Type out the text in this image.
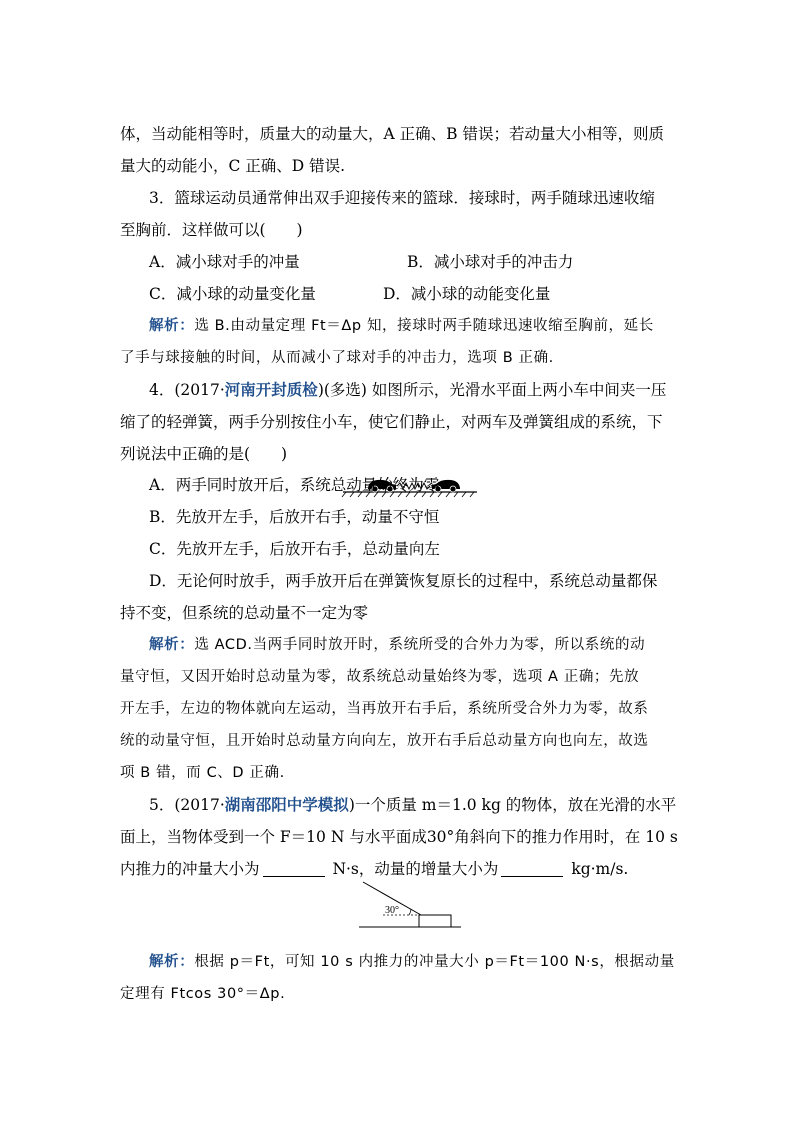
体，当动能相等时，质量大的动量大，A 正确、B 错误；若动量大小相等，则质
量大的动能小，C 正确、D 错误.
3．篮球运动员通常伸出双手迎接传来的篮球．接球时，两手随球迅速收缩
至胸前．这样做可以(　　)
A．减小球对手的冲量	B．减小球对手的冲击力
C．减小球的动量变化量	D．减小球的动能变化量
解析：选 B.由动量定理 Ft＝Δp 知，接球时两手随球迅速收缩至胸前，延长
了手与球接触的时间，从而减小了球对手的冲击力，选项 B 正确.
4．(2017·河南开封质检)(多选) 如图所示，光滑水平面上两小车中间夹一压
缩了的轻弹簧，两手分别按住小车，使它们静止，对两车及弹簧组成的系统，下
列说法中正确的是(　　)
A．两手同时放开后，系统总动量始终为零
B．先放开左手，后放开右手，动量不守恒
C．先放开左手，后放开右手，总动量向左
D．无论何时放手，两手放开后在弹簧恢复原长的过程中，系统总动量都保
持不变，但系统的总动量不一定为零
解析：选 ACD.当两手同时放开时，系统所受的合外力为零，所以系统的动
量守恒，又因开始时总动量为零，故系统总动量始终为零，选项 A 正确；先放
开左手，左边的物体就向左运动，当再放开右手后，系统所受合外力为零，故系
统的动量守恒，且开始时总动量方向向左，放开右手后总动量方向也向左，故选
项 B 错，而 C、D 正确.
5．(2017·湖南邵阳中学模拟)一个质量 m＝1.0 kg 的物体，放在光滑的水平
面上，当物体受到一个 F＝10 N 与水平面成30°角斜向下的推力作用时，在 10 s
内推力的冲量大小为	N·s，动量的增量大小为	kg·m/s.
30°
解析：根据 p＝Ft，可知 10 s 内推力的冲量大小 p＝Ft＝100 N·s，根据动量
定理有 Ftcos 30°＝Δp.
